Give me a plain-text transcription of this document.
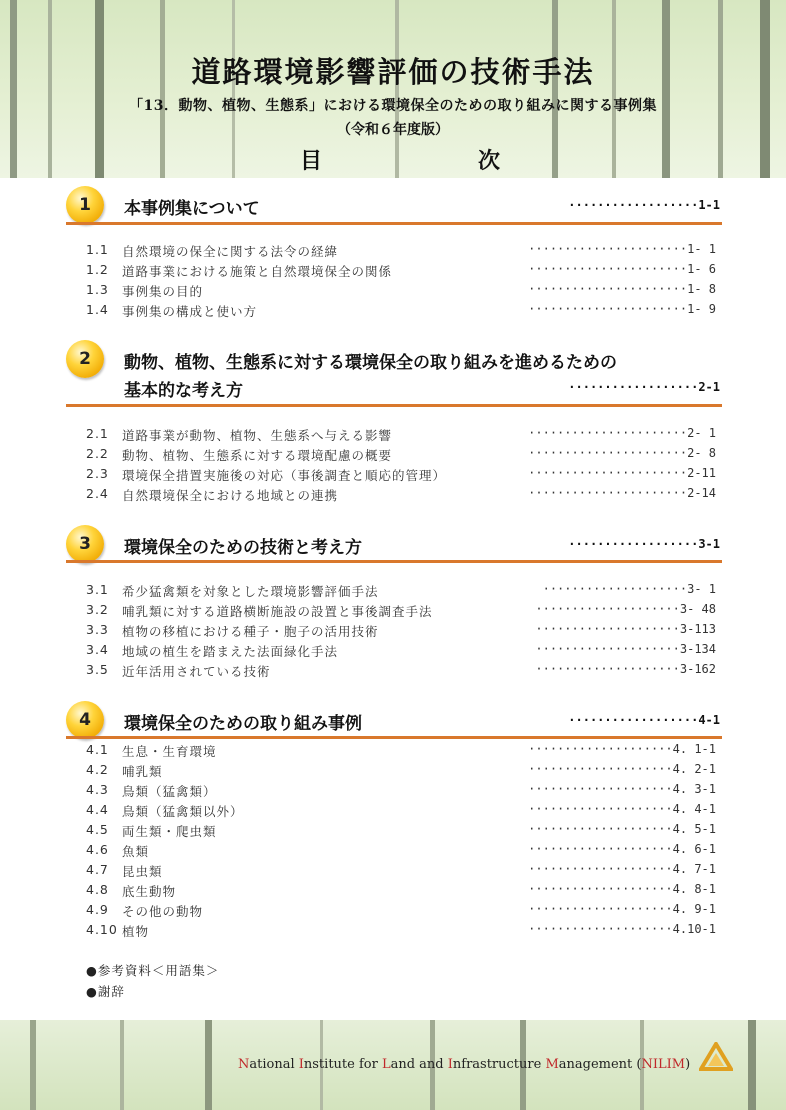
道路環境影響評価の技術手法
「13．動物、植物、生態系」における環境保全のための取り組みに関する事例集
（令和６年度版）
目	次
1	本事例集について	··················1-1
1.1	自然環境の保全に関する法令の経緯	······················1- 1
1.2	道路事業における施策と自然環境保全の関係	······················1- 6
1.3	事例集の目的	······················1- 8
1.4	事例集の構成と使い方	······················1- 9
2	動物、植物、生態系に対する環境保全の取り組みを進めるための
基本的な考え方	··················2-1
2.1	道路事業が動物、植物、生態系へ与える影響	······················2- 1
2.2	動物、植物、生態系に対する環境配慮の概要	······················2- 8
2.3	環境保全措置実施後の対応（事後調査と順応的管理）	······················2-11
2.4	自然環境保全における地域との連携	······················2-14
3	環境保全のための技術と考え方	··················3-1
3.1	希少猛禽類を対象とした環境影響評価手法	····················3- 1
3.2	哺乳類に対する道路横断施設の設置と事後調査手法	····················3- 48
3.3	植物の移植における種子・胞子の活用技術	····················3-113
3.4	地域の植生を踏まえた法面緑化手法	····················3-134
3.5	近年活用されている技術	····················3-162
4	環境保全のための取り組み事例	··················4-1
4.1	生息・生育環境	····················4. 1-1
4.2	哺乳類	····················4. 2-1
4.3	鳥類（猛禽類）	····················4. 3-1
4.4	鳥類（猛禽類以外）	····················4. 4-1
4.5	両生類・爬虫類	····················4. 5-1
4.6	魚類	····················4. 6-1
4.7	昆虫類	····················4. 7-1
4.8	底生動物	····················4. 8-1
4.9	その他の動物	····················4. 9-1
4.10 植物	····················4.10-1
●参考資料＜用語集＞
●謝辞
National Institute for Land and Infrastructure Management (NILIM)
